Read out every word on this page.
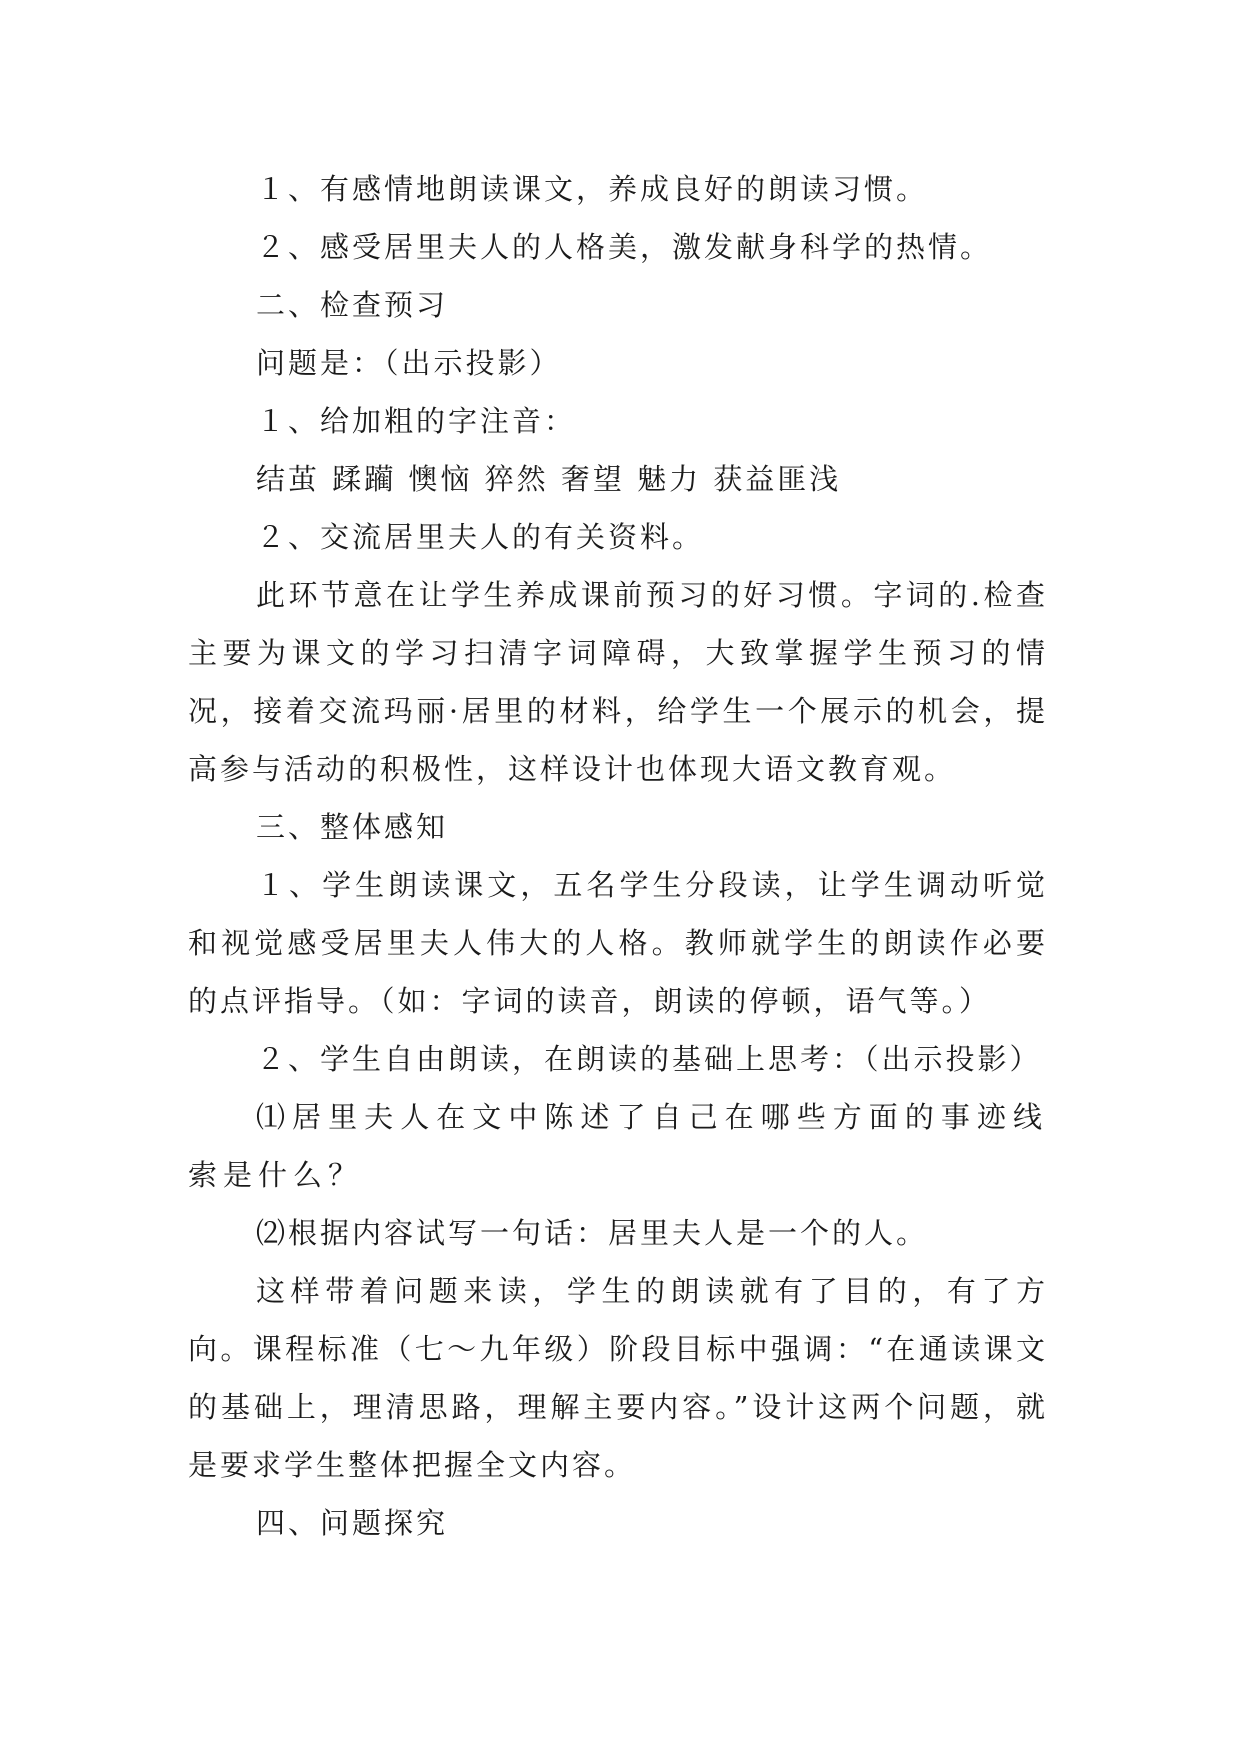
１、有感情地朗读课文，养成良好的朗读习惯。

２、感受居里夫人的人格美，激发献身科学的热情。

二、检查预习

问题是：（出示投影）

１、给加粗的字注音：

结茧 蹂躏 懊恼 猝然 奢望 魅力 获益匪浅

２、交流居里夫人的有关资料。

此环节意在让学生养成课前预习的好习惯。字词的.检查主要为课文的学习扫清字词障碍，大致掌握学生预习的情况，接着交流玛丽·居里的材料，给学生一个展示的机会，提高参与活动的积极性，这样设计也体现大语文教育观。

三、整体感知

１、学生朗读课文，五名学生分段读，让学生调动听觉和视觉感受居里夫人伟大的人格。教师就学生的朗读作必要的点评指导。（如：字词的读音，朗读的停顿，语气等。）

２、学生自由朗读，在朗读的基础上思考：（出示投影）

⑴居里夫人在文中陈述了自己在哪些方面的事迹线索是什么？

⑵根据内容试写一句话：居里夫人是一个的人。

这样带着问题来读，学生的朗读就有了目的，有了方向。课程标准（七～九年级）阶段目标中强调：“在通读课文的基础上，理清思路，理解主要内容。”设计这两个问题，就是要求学生整体把握全文内容。

四、问题探究
